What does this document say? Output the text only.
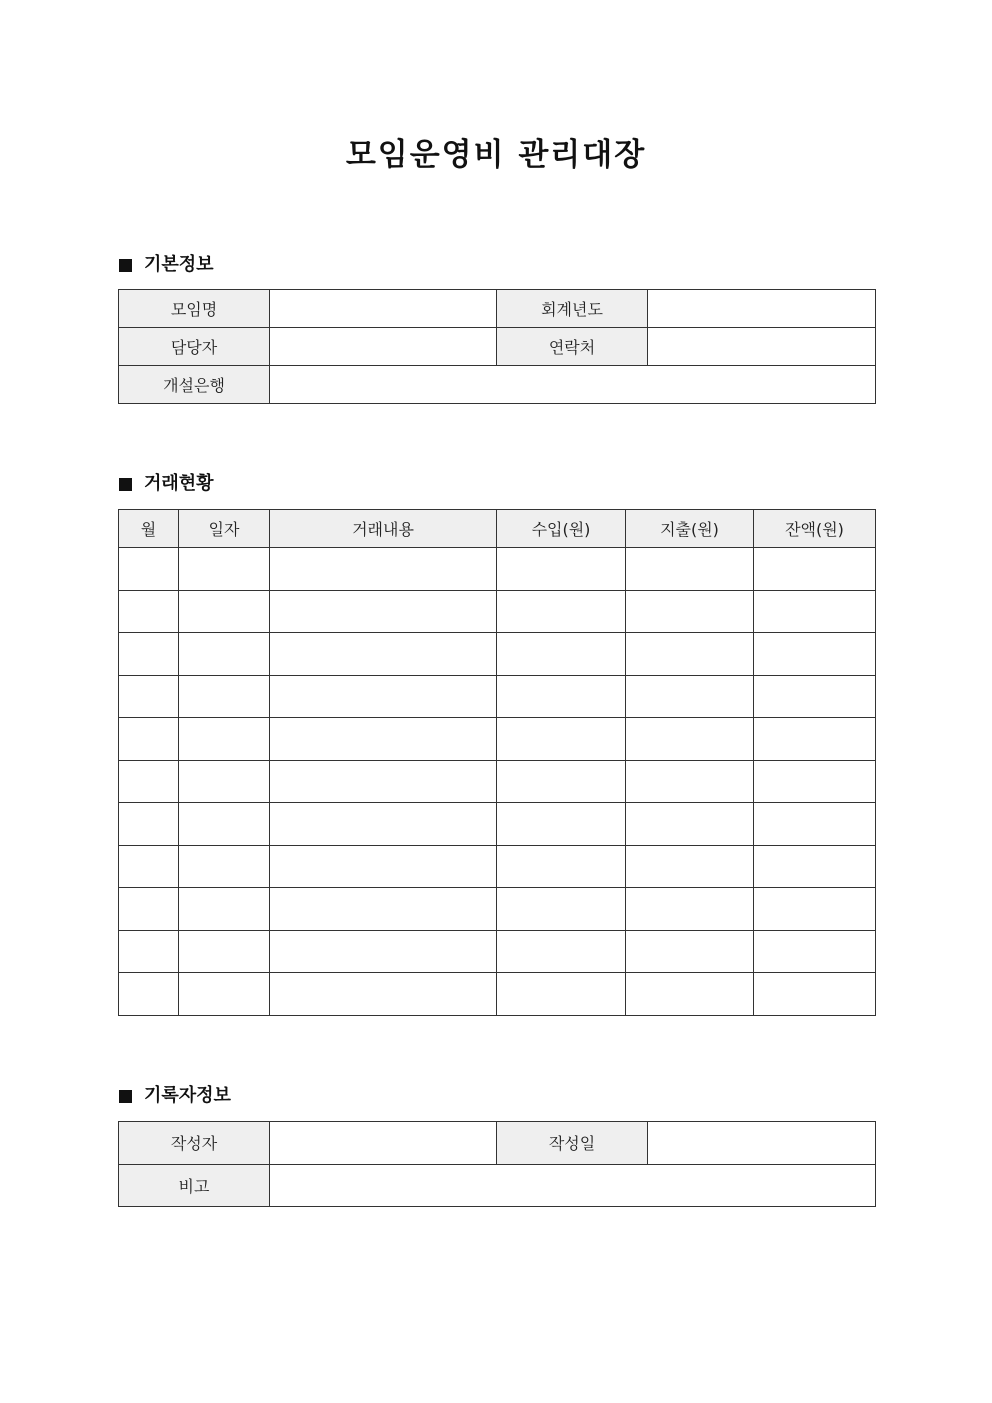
모임운영비 관리대장
기본정보
모임명		회계년도	
담당자		연락처	
개설은행			
거래현황
월	일자	거래내용	수입(원)	지출(원)	잔액(원)

기록자정보
작성자		작성일	
비고			
